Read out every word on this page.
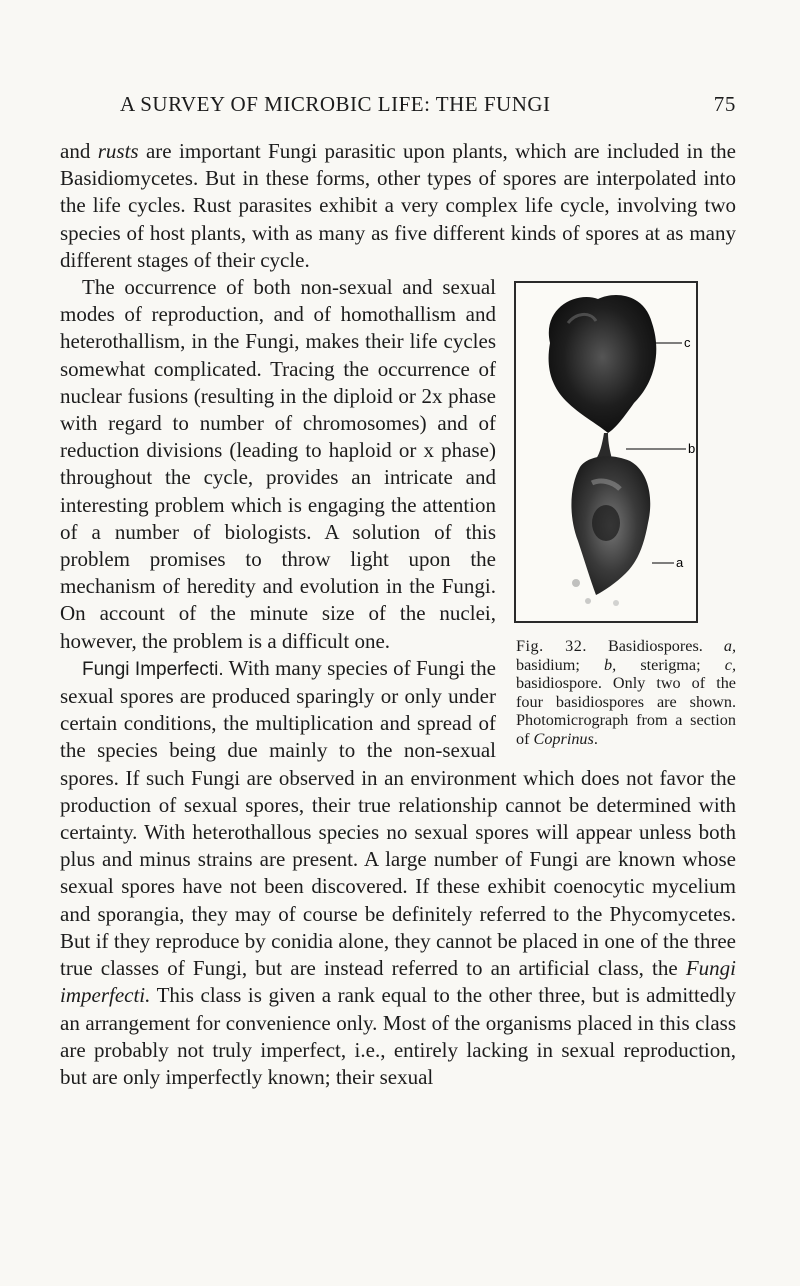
A SURVEY OF MICROBIC LIFE: THE FUNGI	75

and rusts are important Fungi parasitic upon plants, which are included in the Basidiomycetes. But in these forms, other types of spores are interpolated into the life cycles. Rust parasites exhibit a very complex life cycle, involving two species of host plants, with as many as five different kinds of spores at as many different stages of their cycle.

c
b
a
Fig. 32. Basidiospores. a, basidium; b, sterigma; c, basidiospore. Only two of the four basidiospores are shown. Photomicrograph from a section of Coprinus.

The occurrence of both non-sexual and sexual modes of reproduction, and of homothallism and heterothallism, in the Fungi, makes their life cycles somewhat complicated. Tracing the occurrence of nuclear fusions (resulting in the diploid or 2x phase with regard to number of chromosomes) and of reduction divisions (leading to haploid or x phase) throughout the cycle, provides an intricate and interesting problem which is engaging the attention of a number of biologists. A solution of this problem promises to throw light upon the mechanism of heredity and evolution in the Fungi. On account of the minute size of the nuclei, however, the problem is a difficult one.

Fungi Imperfecti. With many species of Fungi the sexual spores are produced sparingly or only under certain conditions, the multiplication and spread of the species being due mainly to the non-sexual spores. If such Fungi are observed in an environment which does not favor the production of sexual spores, their true relationship cannot be determined with certainty. With heterothallous species no sexual spores will appear unless both plus and minus strains are present. A large number of Fungi are known whose sexual spores have not been discovered. If these exhibit coenocytic mycelium and sporangia, they may of course be definitely referred to the Phycomycetes. But if they reproduce by conidia alone, they cannot be placed in one of the three true classes of Fungi, but are instead referred to an artificial class, the Fungi imperfecti. This class is given a rank equal to the other three, but is admittedly an arrangement for convenience only. Most of the organisms placed in this class are probably not truly imperfect, i.e., entirely lacking in sexual reproduction, but are only imperfectly known; their sexual
